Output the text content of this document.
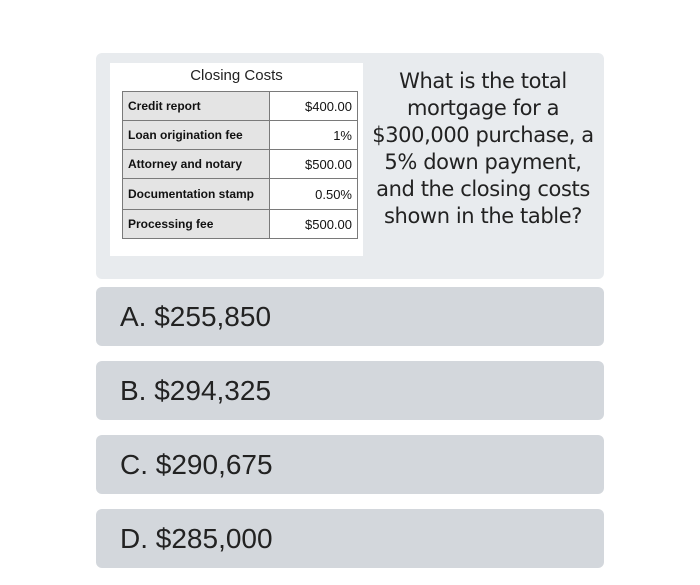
Closing Costs
Credit report	$400.00
Loan origination fee	1%
Attorney and notary	$500.00
Documentation stamp	0.50%
Processing fee	$500.00
What is the total mortgage for a $300,000 purchase, a 5% down payment, and the closing costs shown in the table?
A. $255,850
B. $294,325
C. $290,675
D. $285,000
